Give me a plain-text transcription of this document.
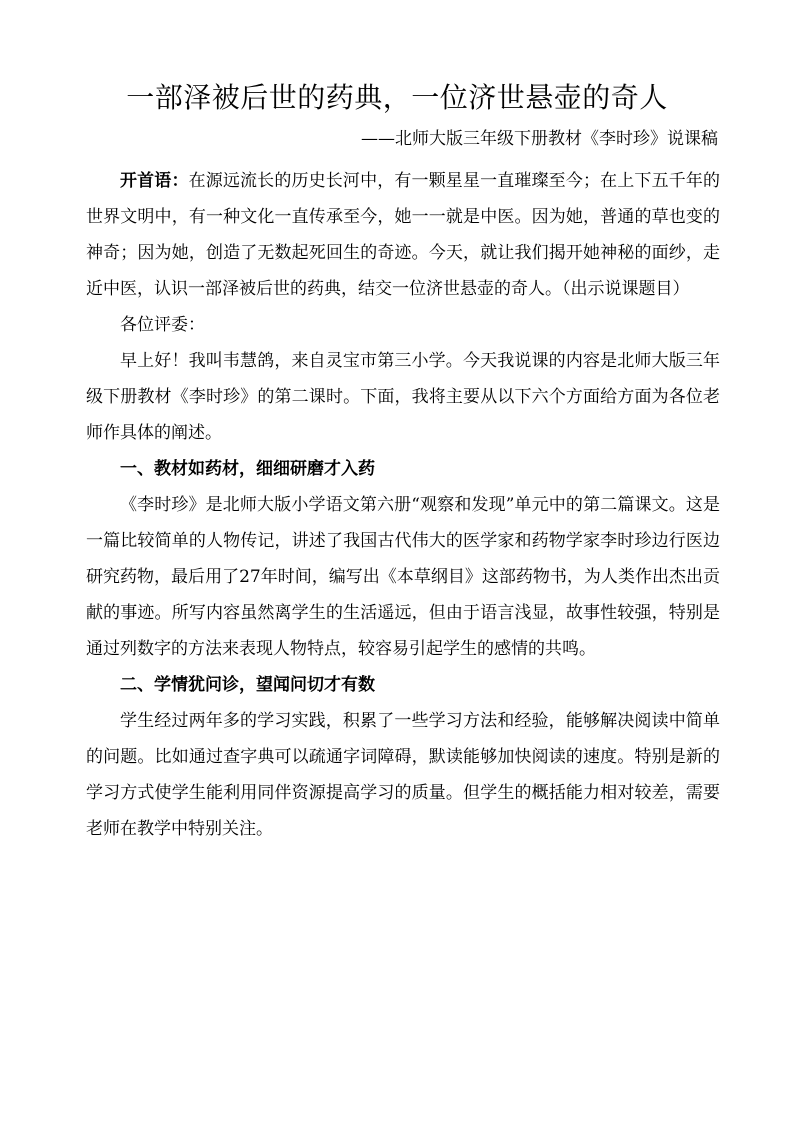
一部泽被后世的药典，一位济世悬壶的奇人
——北师大版三年级下册教材《李时珍》说课稿

开首语：在源远流长的历史长河中，有一颗星星一直璀璨至今；在上下五千年的世界文明中，有一种文化一直传承至今，她一一就是中医。因为她，普通的草也变的神奇；因为她，创造了无数起死回生的奇迹。今天，就让我们揭开她神秘的面纱，走近中医，认识一部泽被后世的药典，结交一位济世悬壶的奇人。（出示说课题目）

各位评委：

早上好！我叫韦慧鸽，来自灵宝市第三小学。今天我说课的内容是北师大版三年级下册教材《李时珍》的第二课时。下面，我将主要从以下六个方面给方面为各位老师作具体的阐述。

一、教材如药材，细细研磨才入药

《李时珍》是北师大版小学语文第六册“观察和发现”单元中的第二篇课文。这是一篇比较简单的人物传记，讲述了我国古代伟大的医学家和药物学家李时珍边行医边研究药物，最后用了27年时间，编写出《本草纲目》这部药物书，为人类作出杰出贡献的事迹。所写内容虽然离学生的生活遥远，但由于语言浅显，故事性较强，特别是通过列数字的方法来表现人物特点，较容易引起学生的感情的共鸣。

二、学情犹问诊，望闻问切才有数

学生经过两年多的学习实践，积累了一些学习方法和经验，能够解决阅读中简单的问题。比如通过查字典可以疏通字词障碍，默读能够加快阅读的速度。特别是新的学习方式使学生能利用同伴资源提高学习的质量。但学生的概括能力相对较差，需要老师在教学中特别关注。
